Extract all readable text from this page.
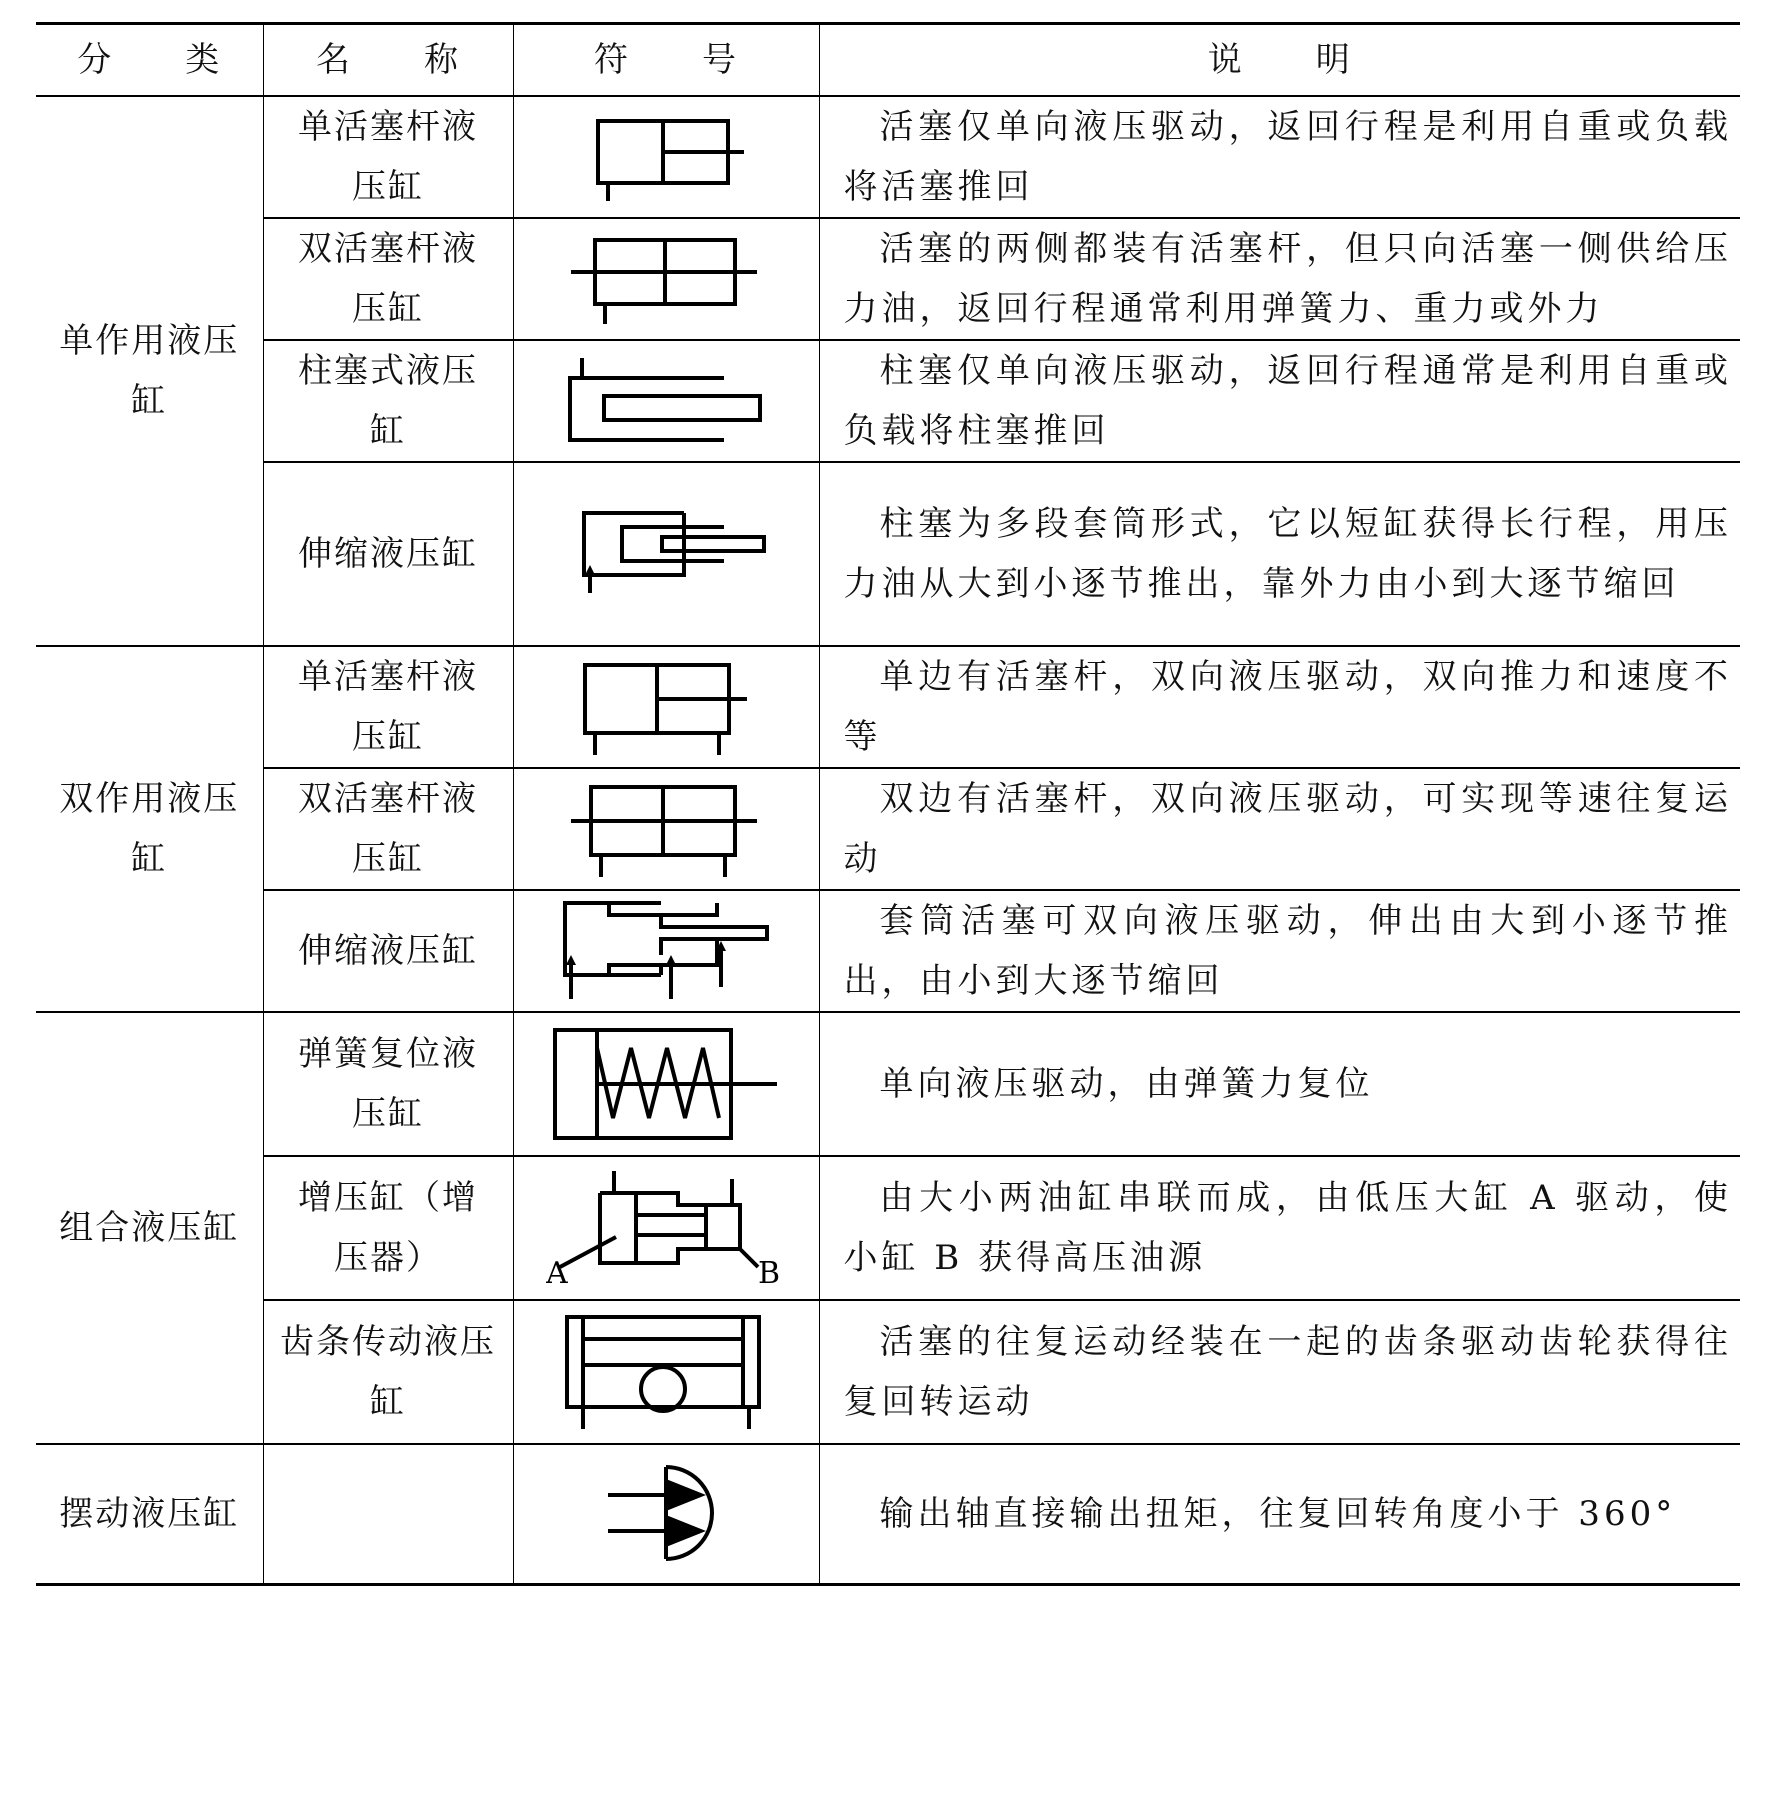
分　　类	名　　称	符　　号	说　　明
单作用液压缸	单活塞杆液压缸		活塞仅单向液压驱动，返回行程是利用自重或负载将活塞推回

	双活塞杆液压缸		活塞的两侧都装有活塞杆，但只向活塞一侧供给压力油，返回行程通常利用弹簧力、重力或外力

	柱塞式液压缸		柱塞仅单向液压驱动，返回行程通常是利用自重或负载将柱塞推回

	伸缩液压缸		柱塞为多段套筒形式，它以短缸获得长行程，用压力油从大到小逐节推出，靠外力由小到大逐节缩回

双作用液压缸	单活塞杆液压缸		单边有活塞杆，双向液压驱动，双向推力和速度不等

	双活塞杆液压缸		双边有活塞杆，双向液压驱动，可实现等速往复运动

	伸缩液压缸		套筒活塞可双向液压驱动，伸出由大到小逐节推出，由小到大逐节缩回

组合液压缸	弹簧复位液压缸		单向液压驱动，由弹簧力复位

	增压缸（增压器）	A B	由大小两油缸串联而成，由低压大缸 A 驱动，使小缸 B 获得高压油源

	齿条传动液压缸		活塞的往复运动经装在一起的齿条驱动齿轮获得往复回转运动

摆动液压缸			输出轴直接输出扭矩，往复回转角度小于 360°
